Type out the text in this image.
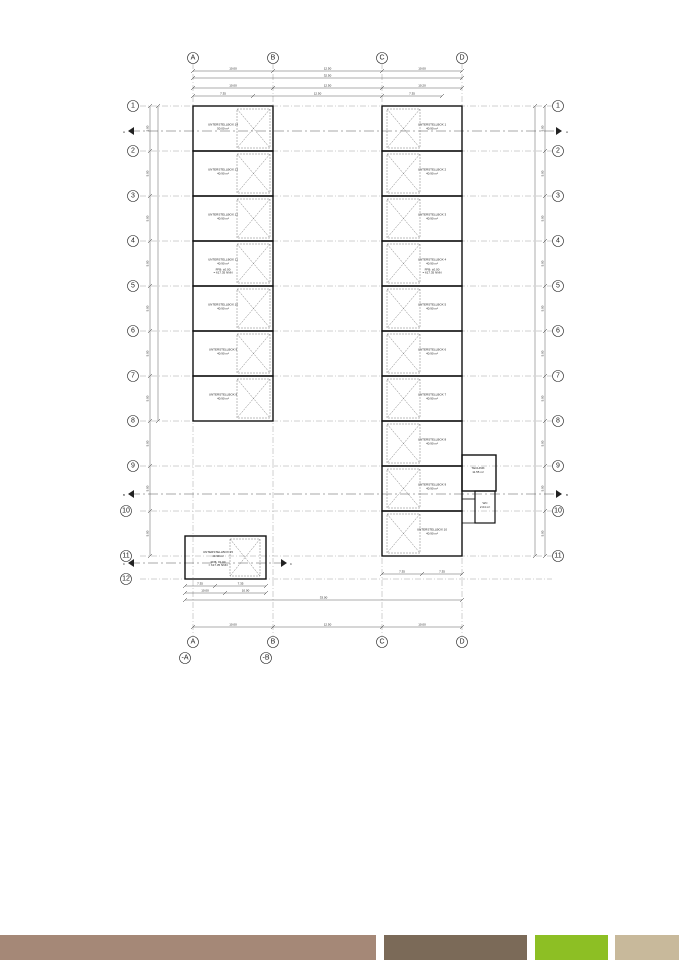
A	A
B	B
C	C
UNTERSTELLBOX 14
50.00 m²
UNTERSTELLBOX 13
40.90 m²
UNTERSTELLBOX 12
40.90 m²
UNTERSTELLBOX 11
40.90 m²
FFB: ±0.00
= 617.35 NNN
UNTERSTELLBOX 10
40.90 m²
UNTERSTELLBOX 9
40.90 m²
UNTERSTELLBOX 8
40.90 m²
UNTERSTELLBOX 1
40.90 m²
UNTERSTELLBOX 2
40.90 m²
UNTERSTELLBOX 3
40.90 m²
UNTERSTELLBOX 4
40.90 m²
FFB: ±0.00
= 617.35 NNN
UNTERSTELLBOX 5
40.90 m²
UNTERSTELLBOX 6
40.90 m²
UNTERSTELLBOX 7
40.90 m²
UNTERSTELLBOX 8
40.90 m²
UNTERSTELLBOX 9
40.90 m²
UNTERSTELLBOX 10
40.90 m²
UNTERSTELLBOX 15
40.90 m²
FFB: ±0.00
= 617.35 NNN
TECHNIK
11.55 m²
WC
2.04 m²
10.00	12.50	10.00
32.50
10.00	12.50	10.20
7.35	12.50	7.35
7.35	7.35
10.00	10.00
33.00
10.00	12.50	10.00
7.35	7.35
5.00
5.00
5.00
5.00
5.00
5.00
5.00
5.00
5.00
5.00
5.00
5.00
5.00
5.00
5.00
5.00
5.00
5.00
5.00
5.00
A
A
B
B
C
C
D
D
-A	-B
1	1
2	2
3	3
4	4
5	5
6	6
7	7
8	8
9	9
10	10
11	11
12
